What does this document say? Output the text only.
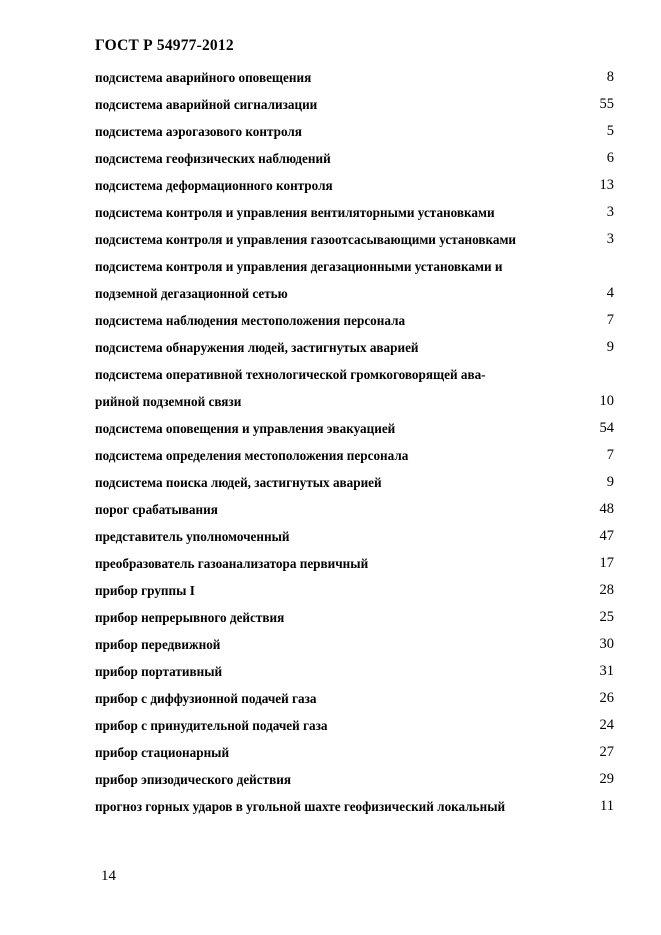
ГОСТ Р 54977-2012
подсистема аварийного оповещения	8
подсистема аварийной сигнализации	55
подсистема аэрогазового контроля	5
подсистема геофизических наблюдений	6
подсистема деформационного контроля	13
подсистема контроля и управления вентиляторными установками	3
подсистема контроля и управления газоотсасывающими установками	3
подсистема контроля и управления дегазационными установками и
подземной дегазационной сетью	4
подсистема наблюдения местоположения персонала	7
подсистема обнаружения людей, застигнутых аварией	9
подсистема оперативной технологической громкоговорящей ава-
рийной подземной связи	10
подсистема оповещения и управления эвакуацией	54
подсистема определения местоположения персонала	7
подсистема поиска людей, застигнутых аварией	9
порог срабатывания	48
представитель уполномоченный	47
преобразователь газоанализатора первичный	17
прибор группы I	28
прибор непрерывного действия	25
прибор передвижной	30
прибор портативный	31
прибор с диффузионной подачей газа	26
прибор с принудительной подачей газа	24
прибор стационарный	27
прибор эпизодического действия	29
прогноз горных ударов в угольной шахте геофизический локальный	11
14
